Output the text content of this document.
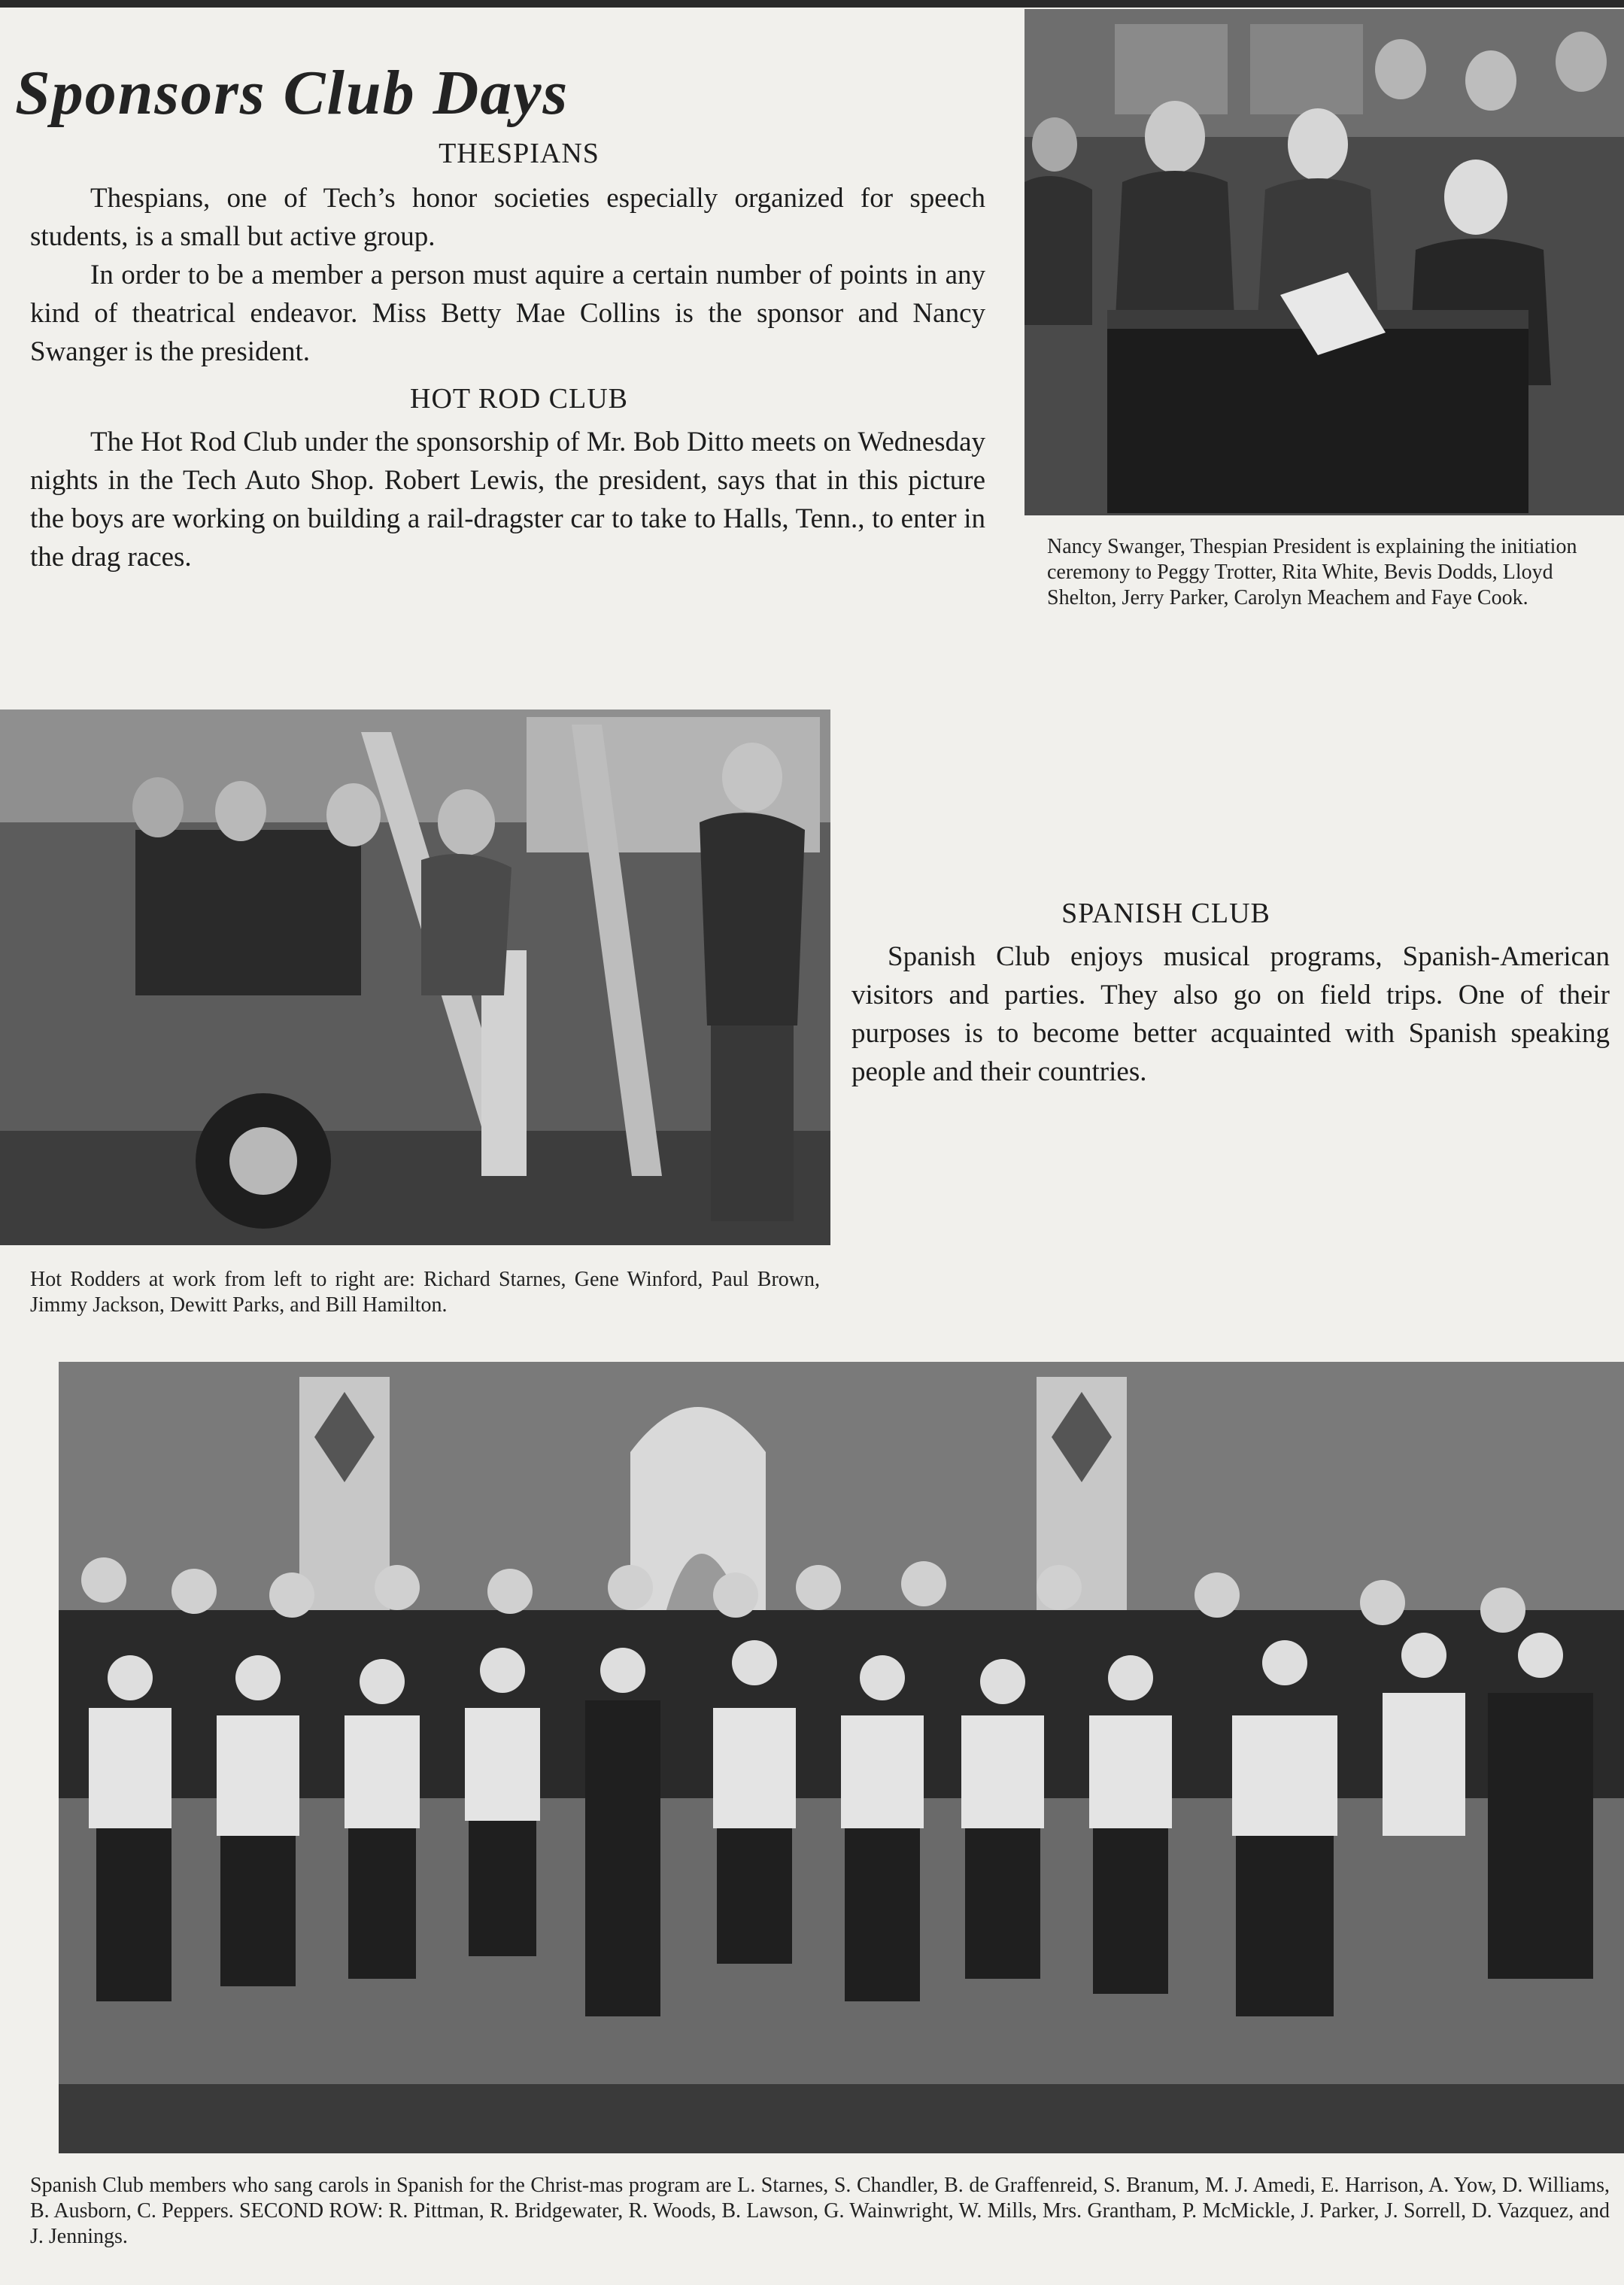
Sponsors Club Days
THESPIANS

Thespians, one of Tech’s honor societies especially organized for speech students, is a small but active group.

In order to be a member a person must aquire a certain number of points in any kind of theatrical endeavor. Miss Betty Mae Collins is the sponsor and Nancy Swanger is the president.

Nancy Swanger, Thespian President is explaining the initiation ceremony to Peggy Trotter, Rita White, Bevis Dodds, Lloyd Shelton, Jerry Parker, Carolyn Meachem and Faye Cook.

HOT ROD CLUB

The Hot Rod Club under the sponsorship of Mr. Bob Ditto meets on Wednesday nights in the Tech Auto Shop. Robert Lewis, the president, says that in this picture the boys are working on building a rail-dragster car to take to Halls, Tenn., to enter in the drag races.

Hot Rodders at work from left to right are: Richard Starnes, Gene Winford, Paul Brown, Jimmy Jackson, Dewitt Parks, and Bill Hamilton.

SPANISH CLUB

Spanish Club enjoys musical programs, Spanish-American visitors and parties. They also go on field trips. One of their purposes is to become better acquainted with Spanish speaking people and their countries.

Spanish Club members who sang carols in Spanish for the Christ-mas program are L. Starnes, S. Chandler, B. de Graffenreid, S. Branum, M. J. Amedi, E. Harrison, A. Yow, D. Williams, B. Ausborn, C. Peppers. SECOND ROW: R. Pittman, R. Bridgewater, R. Woods, B. Lawson, G. Wainwright, W. Mills, Mrs. Grantham, P. McMickle, J. Parker, J. Sorrell, D. Vazquez, and J. Jennings.
